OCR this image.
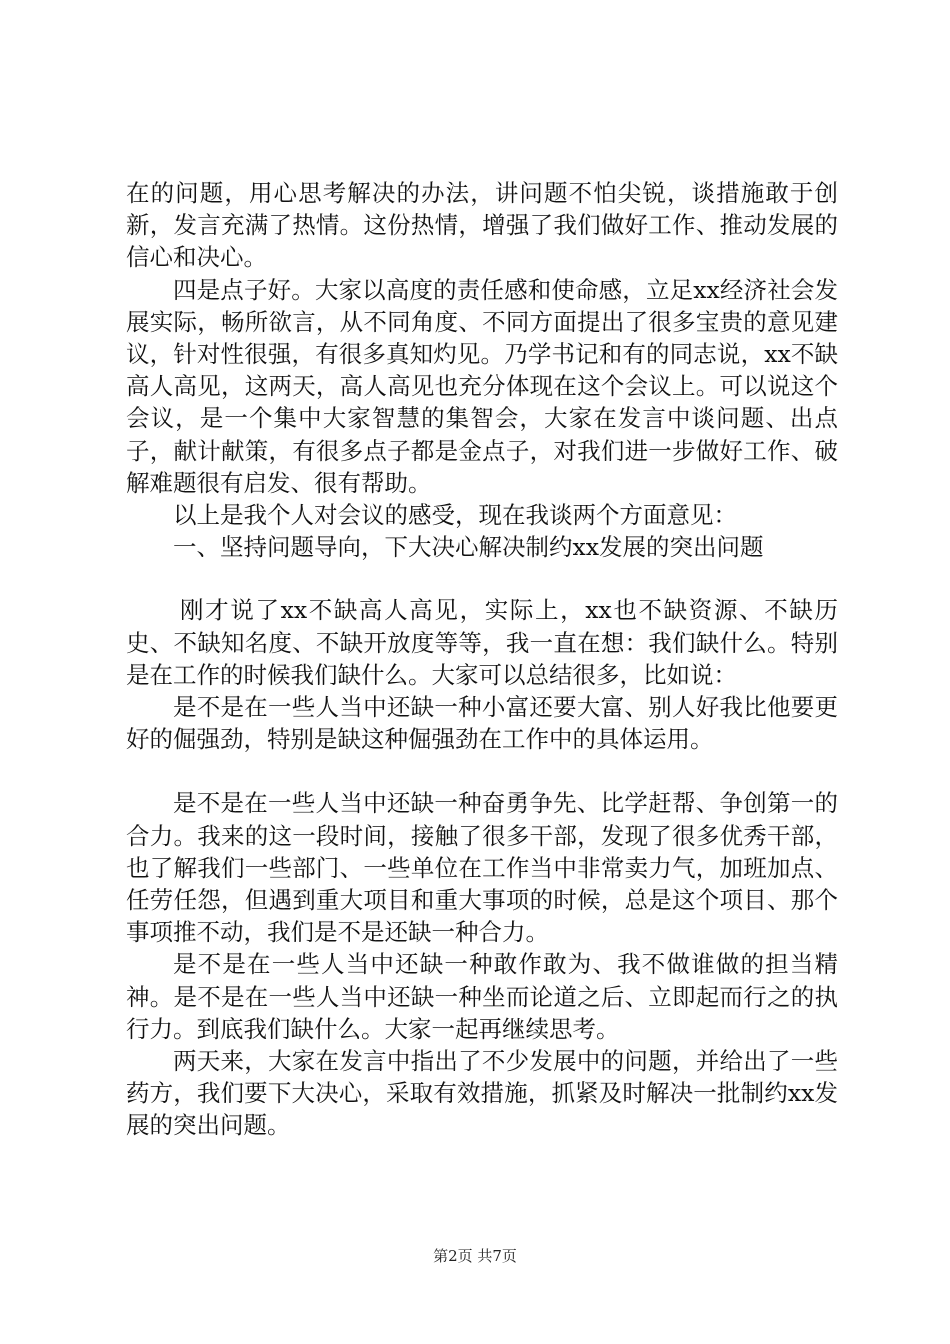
在的问题，用心思考解决的办法，讲问题不怕尖锐，谈措施敢于创新，发言充满了热情。这份热情，增强了我们做好工作、推动发展的信心和决心。

四是点子好。大家以高度的责任感和使命感，立足xx经济社会发展实际，畅所欲言，从不同角度、不同方面提出了很多宝贵的意见建议，针对性很强，有很多真知灼见。乃学书记和有的同志说，xx不缺高人高见，这两天，高人高见也充分体现在这个会议上。可以说这个会议，是一个集中大家智慧的集智会，大家在发言中谈问题、出点子，献计献策，有很多点子都是金点子，对我们进一步做好工作、破解难题很有启发、很有帮助。

以上是我个人对会议的感受，现在我谈两个方面意见：

一、坚持问题导向，下大决心解决制约xx发展的突出问题

刚才说了xx不缺高人高见，实际上，xx也不缺资源、不缺历史、不缺知名度、不缺开放度等等，我一直在想：我们缺什么。特别是在工作的时候我们缺什么。大家可以总结很多，比如说：

是不是在一些人当中还缺一种小富还要大富、别人好我比他要更好的倔强劲，特别是缺这种倔强劲在工作中的具体运用。

是不是在一些人当中还缺一种奋勇争先、比学赶帮、争创第一的合力。我来的这一段时间，接触了很多干部，发现了很多优秀干部，也了解我们一些部门、一些单位在工作当中非常卖力气，加班加点、任劳任怨，但遇到重大项目和重大事项的时候，总是这个项目、那个事项推不动，我们是不是还缺一种合力。

是不是在一些人当中还缺一种敢作敢为、我不做谁做的担当精神。是不是在一些人当中还缺一种坐而论道之后、立即起而行之的执行力。到底我们缺什么。大家一起再继续思考。

两天来，大家在发言中指出了不少发展中的问题，并给出了一些药方，我们要下大决心，采取有效措施，抓紧及时解决一批制约xx发展的突出问题。

第2页 共7页
